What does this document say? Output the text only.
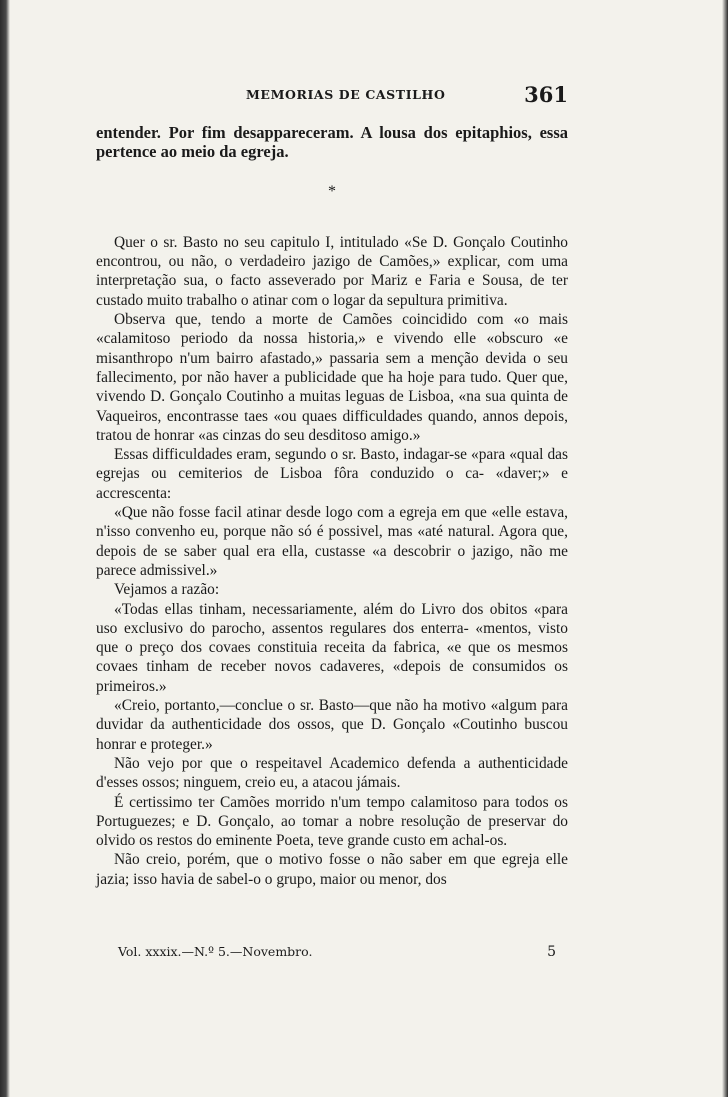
MEMORIAS DE CASTILHO	361

entender. Por fim desappareceram. A lousa dos epitaphios, essa pertence ao meio da egreja.

*

Quer o sr. Basto no seu capitulo I, intitulado «Se D. Gonçalo Coutinho encontrou, ou não, o verdadeiro jazigo de Camões,» explicar, com uma interpretação sua, o facto asseverado por Mariz e Faria e Sousa, de ter custado muito trabalho o atinar com o logar da sepultura primitiva.

Observa que, tendo a morte de Camões coincidido com «o mais «calamitoso periodo da nossa historia,» e vivendo elle «obscuro «e misanthropo n'um bairro afastado,» passaria sem a menção devida o seu fallecimento, por não haver a publicidade que ha hoje para tudo. Quer que, vivendo D. Gonçalo Coutinho a muitas leguas de Lisboa, «na sua quinta de Vaqueiros, encontrasse taes «ou quaes difficuldades quando, annos depois, tratou de honrar «as cinzas do seu desditoso amigo.»

Essas difficuldades eram, segundo o sr. Basto, indagar-se «para «qual das egrejas ou cemiterios de Lisboa fôra conduzido o ca- «daver;» e accrescenta:

«Que não fosse facil atinar desde logo com a egreja em que «elle estava, n'isso convenho eu, porque não só é possivel, mas «até natural. Agora que, depois de se saber qual era ella, custasse «a descobrir o jazigo, não me parece admissivel.»

Vejamos a razão:

«Todas ellas tinham, necessariamente, além do Livro dos obitos «para uso exclusivo do parocho, assentos regulares dos enterra- «mentos, visto que o preço dos covaes constituia receita da fabrica, «e que os mesmos covaes tinham de receber novos cadaveres, «depois de consumidos os primeiros.»

«Creio, portanto,—conclue o sr. Basto—que não ha motivo «algum para duvidar da authenticidade dos ossos, que D. Gonçalo «Coutinho buscou honrar e proteger.»

Não vejo por que o respeitavel Academico defenda a authenticidade d'esses ossos; ninguem, creio eu, a atacou jámais.

É certissimo ter Camões morrido n'um tempo calamitoso para todos os Portuguezes; e D. Gonçalo, ao tomar a nobre resolução de preservar do olvido os restos do eminente Poeta, teve grande custo em achal-os.

Não creio, porém, que o motivo fosse o não saber em que egreja elle jazia; isso havia de sabel-o o grupo, maior ou menor, dos

Vol. xxxix.—N.º 5.—Novembro.	5
